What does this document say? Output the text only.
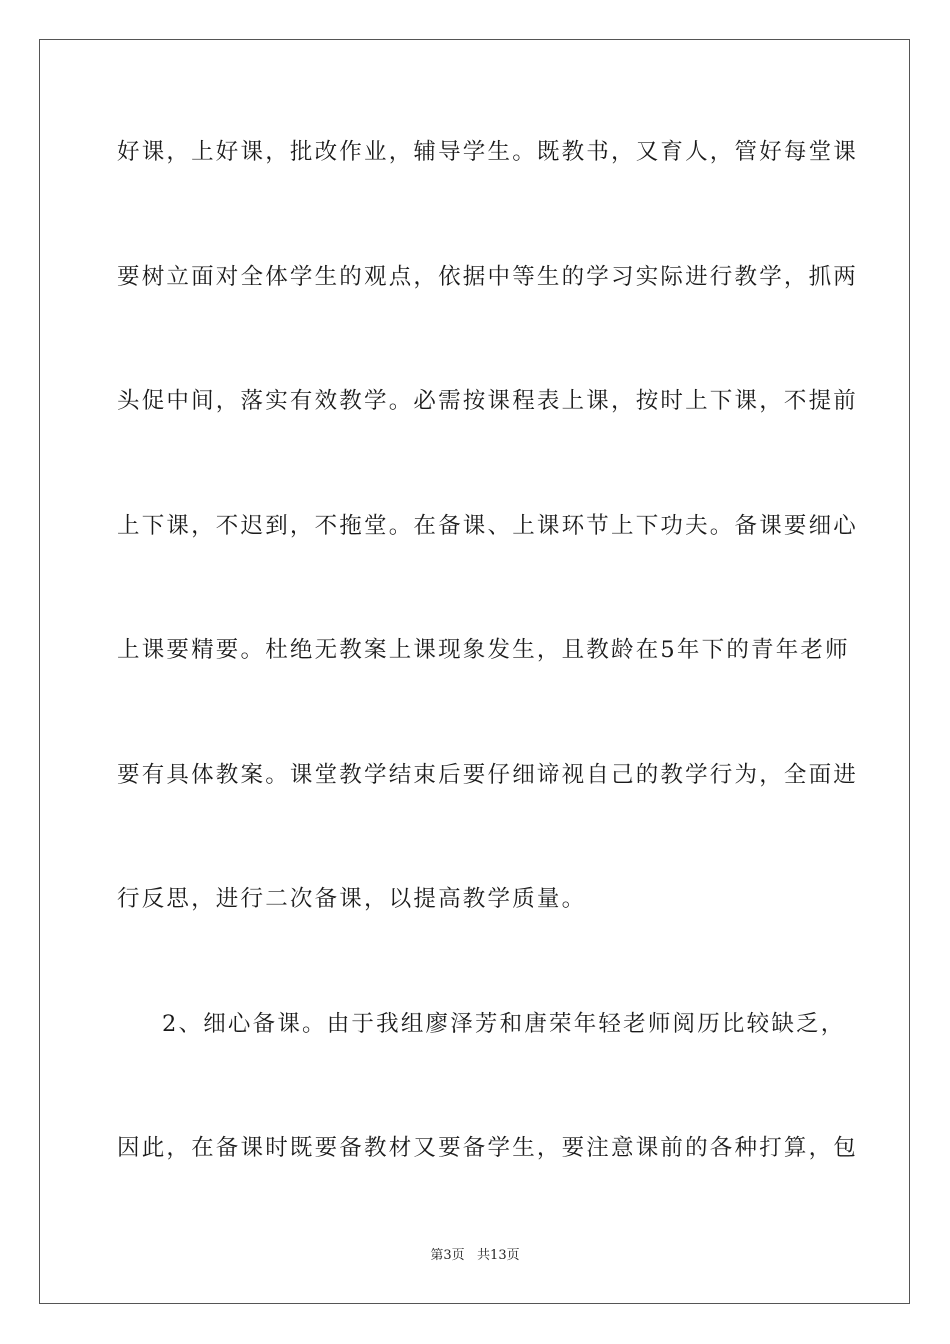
好课，上好课，批改作业，辅导学生。既教书，又育人，管好每堂课
要树立面对全体学生的观点，依据中等生的学习实际进行教学，抓两
头促中间，落实有效教学。必需按课程表上课，按时上下课，不提前
上下课，不迟到，不拖堂。在备课、上课环节上下功夫。备课要细心
上课要精要。杜绝无教案上课现象发生，且教龄在5年下的青年老师
要有具体教案。课堂教学结束后要仔细谛视自己的教学行为，全面进
行反思，进行二次备课，以提高教学质量。
2、细心备课。由于我组廖泽芳和唐荣年轻老师阅历比较缺乏，
因此，在备课时既要备教材又要备学生，要注意课前的各种打算，包
第3页   共13页
